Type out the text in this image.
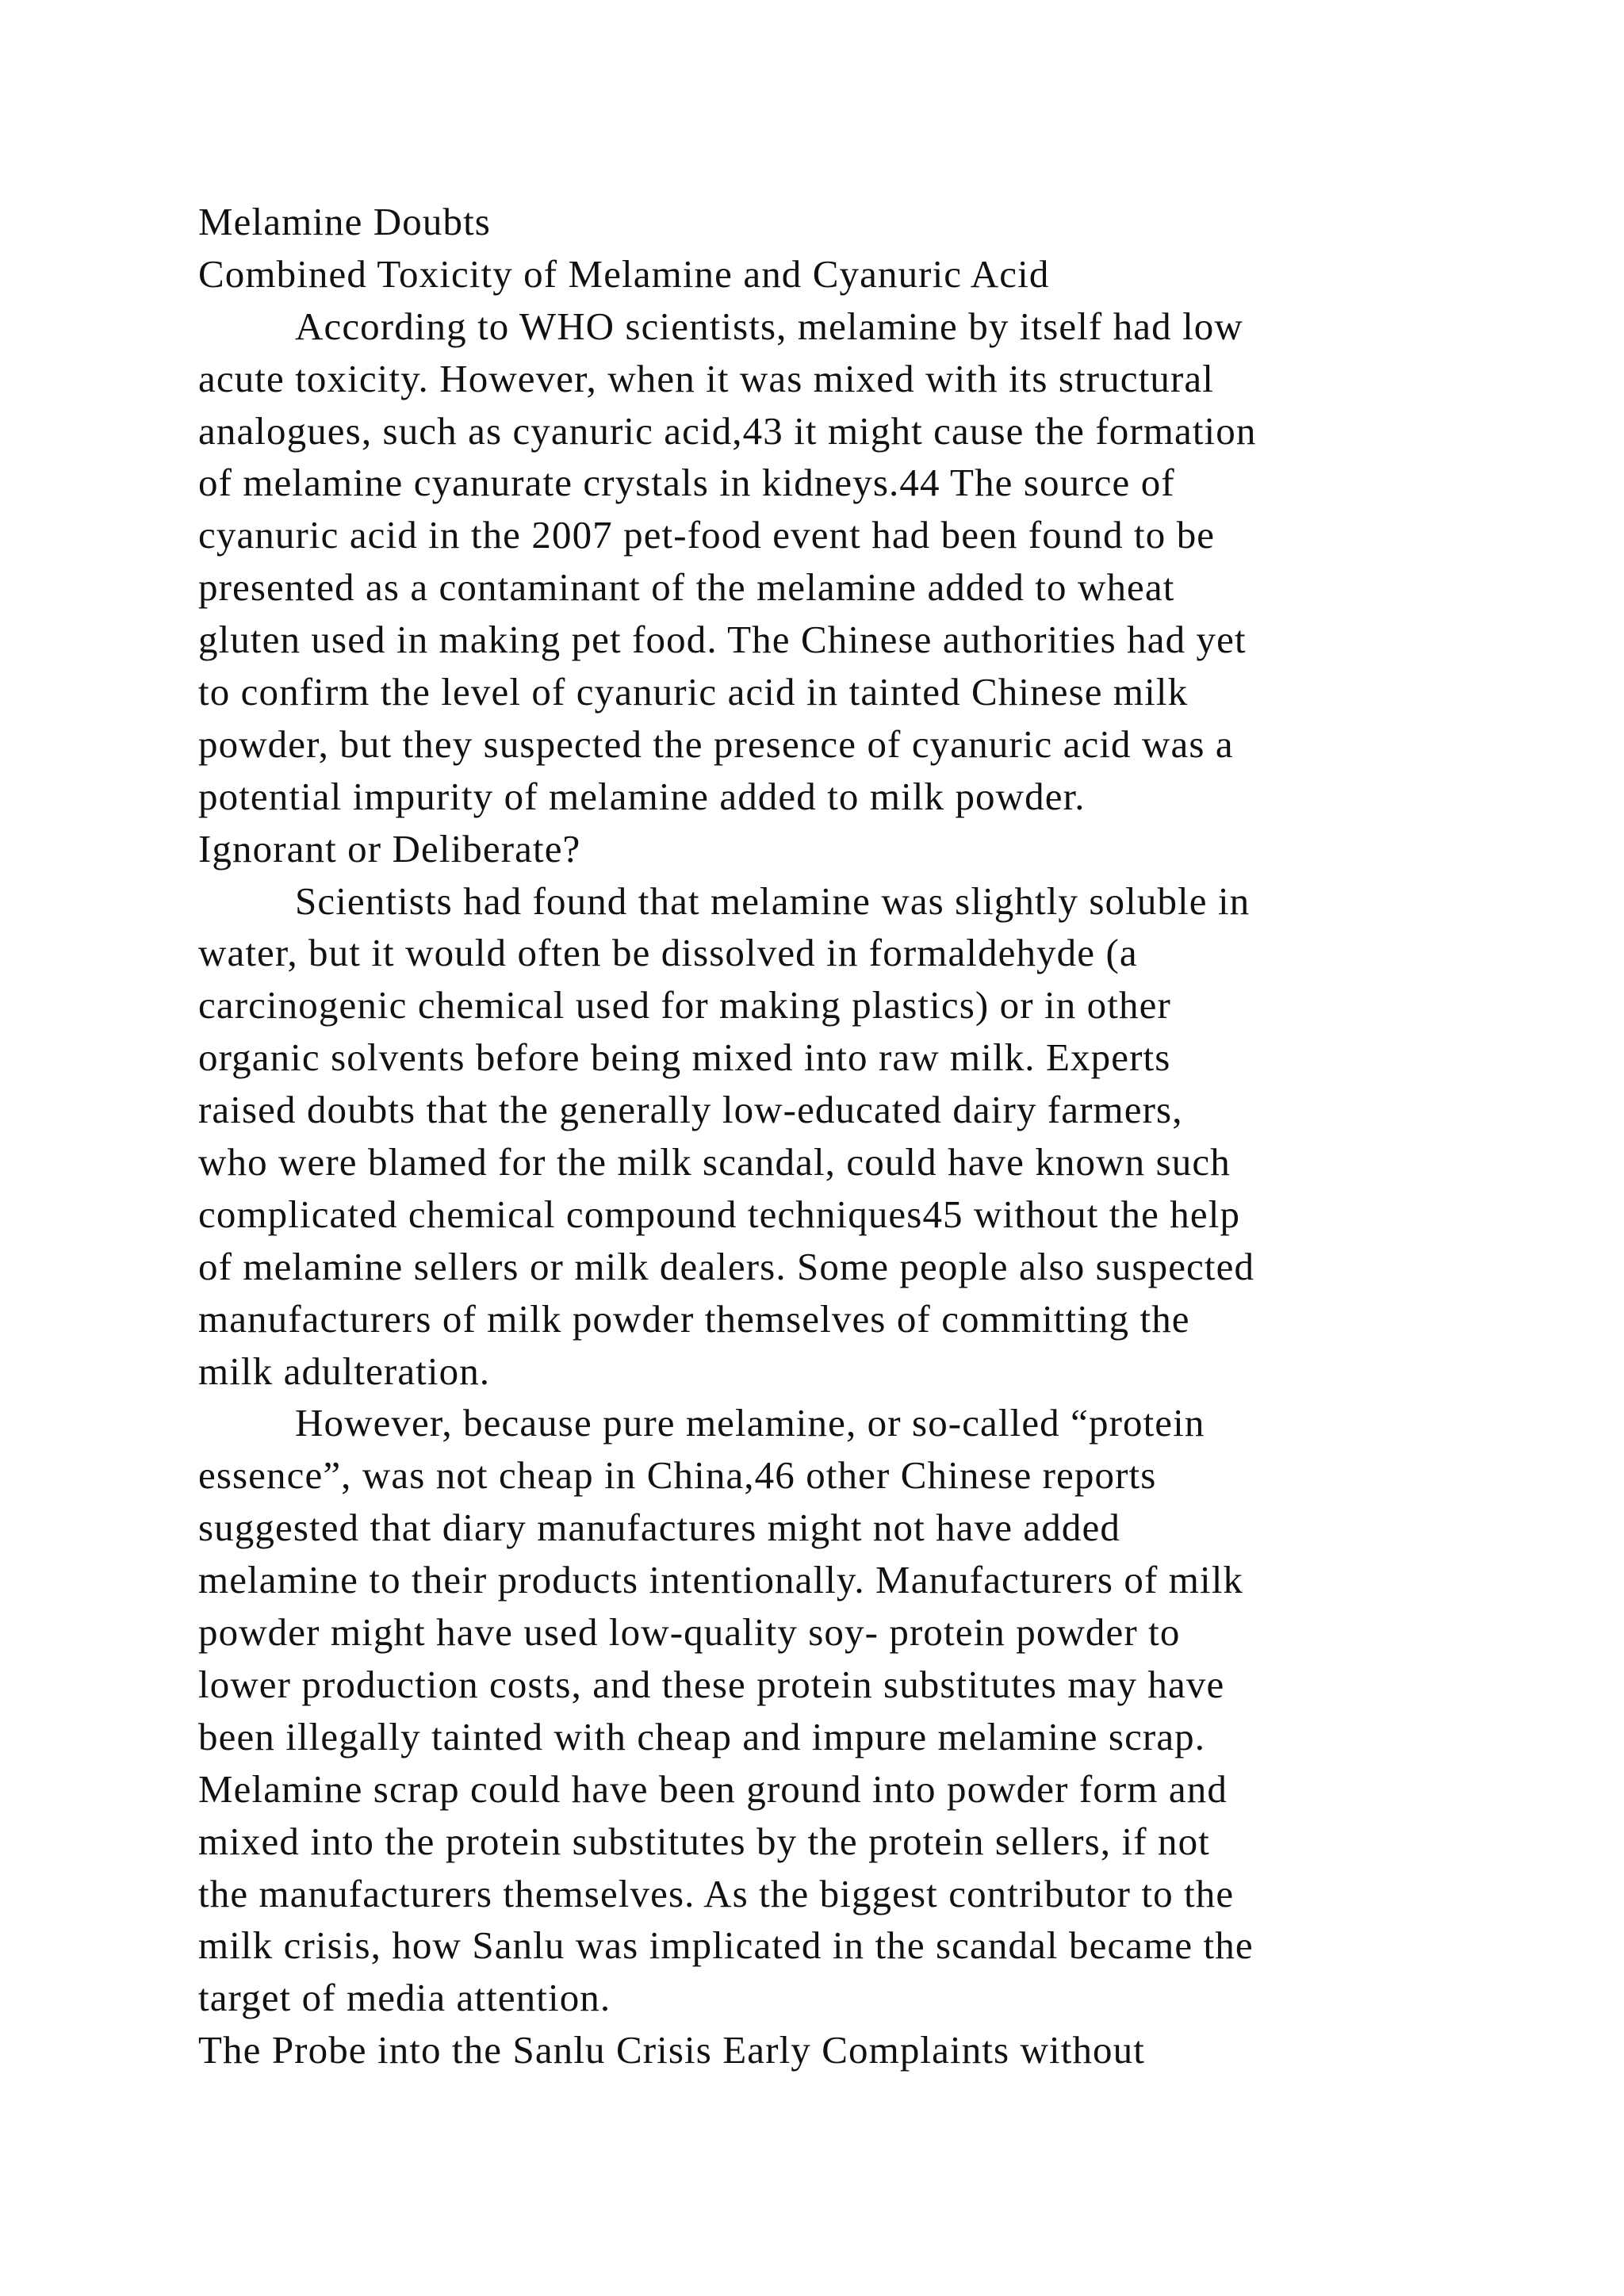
Melamine Doubts
Combined Toxicity of Melamine and Cyanuric Acid
According to WHO scientists, melamine by itself had low
acute toxicity. However, when it was mixed with its structural
analogues, such as cyanuric acid,43 it might cause the formation
of melamine cyanurate crystals in kidneys.44 The source of
cyanuric acid in the 2007 pet-food event had been found to be
presented as a contaminant of the melamine added to wheat
gluten used in making pet food. The Chinese authorities had yet
to confirm the level of cyanuric acid in tainted Chinese milk
powder, but they suspected the presence of cyanuric acid was a
potential impurity of melamine added to milk powder.
Ignorant or Deliberate?
Scientists had found that melamine was slightly soluble in
water, but it would often be dissolved in formaldehyde (a
carcinogenic chemical used for making plastics) or in other
organic solvents before being mixed into raw milk. Experts
raised doubts that the generally low-educated dairy farmers,
who were blamed for the milk scandal, could have known such
complicated chemical compound techniques45 without the help
of melamine sellers or milk dealers. Some people also suspected
manufacturers of milk powder themselves of committing the
milk adulteration.
However, because pure melamine, or so-called “protein
essence”, was not cheap in China,46 other Chinese reports
suggested that diary manufactures might not have added
melamine to their products intentionally. Manufacturers of milk
powder might have used low-quality soy- protein powder to
lower production costs, and these protein substitutes may have
been illegally tainted with cheap and impure melamine scrap.
Melamine scrap could have been ground into powder form and
mixed into the protein substitutes by the protein sellers, if not
the manufacturers themselves. As the biggest contributor to the
milk crisis, how Sanlu was implicated in the scandal became the
target of media attention.
The Probe into the Sanlu Crisis Early Complaints without
